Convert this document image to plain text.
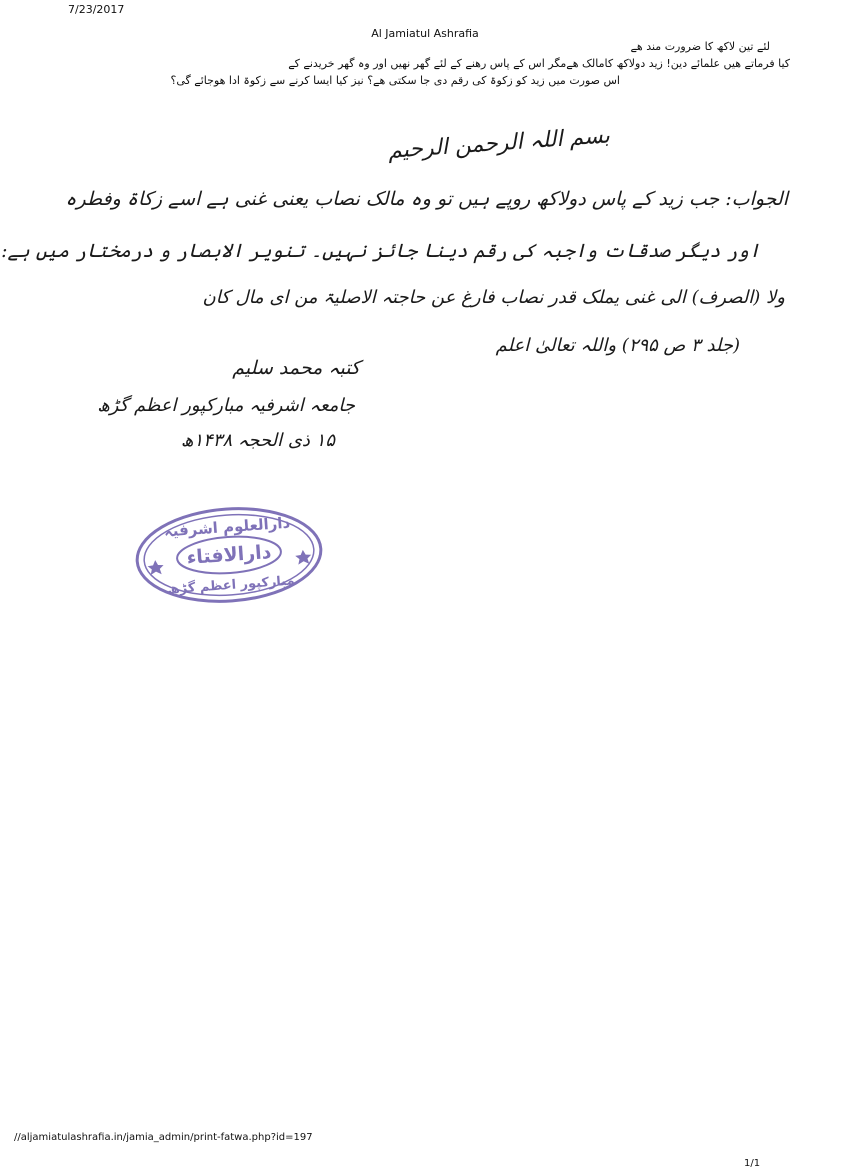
7/23/2017
Al Jamiatul Ashrafia
لئے تین لاکھ کا ضرورت مند ھے
کیا فرماتے ھیں علمائے دین! زید دولاکھ کامالک ھےمگر اس کے پاس رھنے کے لئے گھر نھیں اور وہ گھر خریدنے کے
اس صورت میں زید کو زکوۃ کی رقم دی جا سکتی ھے؟ نیز کیا ایسا کرنے سے زکوۃ ادا ھوجائے گی؟
بسم اللہ الرحمن الرحیم
الجواب: جب زید کے پاس دولاکھ روپے ہیں تو وہ مالک نصاب یعنی غنی ہے اسے زکاۃ وفطرہ
اور دیگر صدقات واجبہ کی رقم دینا جائز نہیں۔ تنویر الابصار و درمختار میں ہے:
ولا (الصرف) الی غنی یملک قدر نصاب فارغ عن حاجتہ الاصلیۃ من ای مال کان
(جلد ۳ ص ۲۹۵) واللہ تعالیٰ اعلم
کتبہ محمد سلیم
جامعہ اشرفیہ مبارکپور اعظم گڑھ
۱۵ ذی الحجہ ۱۴۳۸ھ
دارالعلوم اشرفیہ
دارالافتاء
مبارکپور اعظم گڑھ
//aljamiatulashrafia.in/jamia_admin/print-fatwa.php?id=197
1/1
